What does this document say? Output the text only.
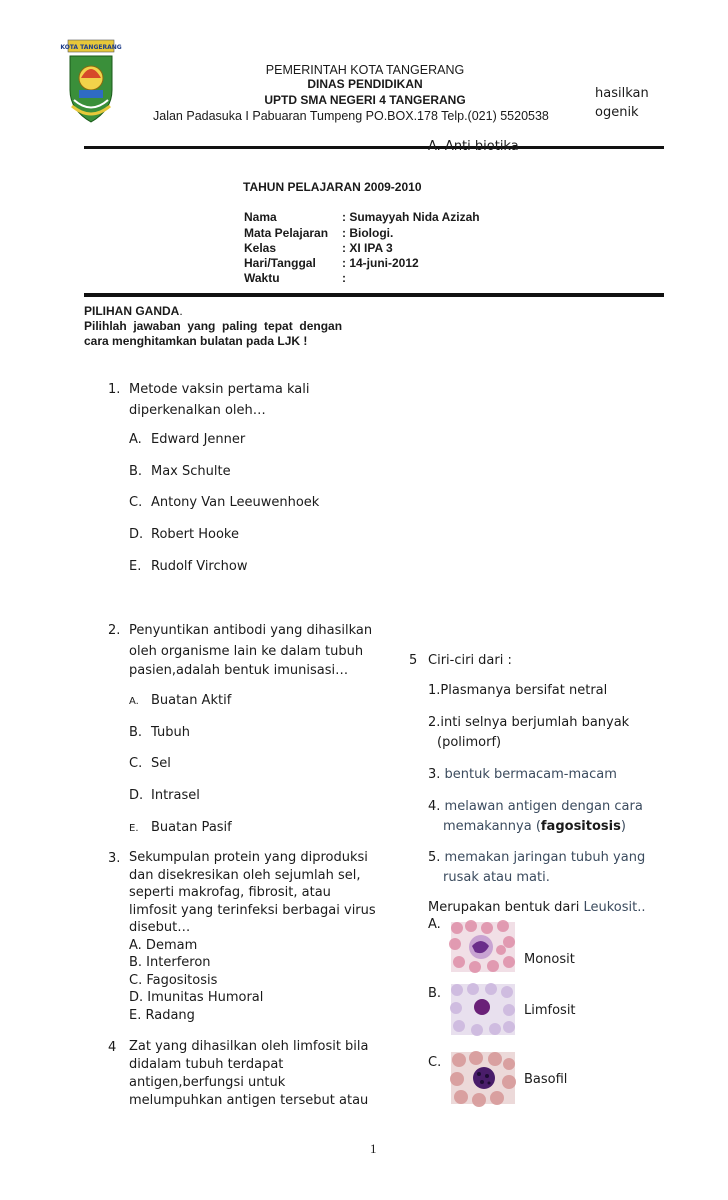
KOTA TANGERANG
PEMERINTAH KOTA TANGERANG
DINAS PENDIDIKAN
UPTD SMA NEGERI 4 TANGERANG
Jalan Padasuka I Pabuaran Tumpeng PO.BOX.178 Telp.(021) 5520538
hasilkan
ogenik
A. Anti biotika
TAHUN PELAJARAN 2009-2010
Nama	: Sumayyah Nida Azizah
Mata Pelajaran : Biologi.
Kelas	: XI IPA 3
Hari/Tanggal : 14-juni-2012
Waktu	:
PILIHAN GANDA.
Pilihlah  jawaban  yang  paling  tepat  dengan
cara menghitamkan bulatan pada LJK !
1. Metode vaksin pertama kali
diperkenalkan oleh…
A. Edward Jenner
B. Max Schulte
C. Antony Van Leeuwenhoek
D. Robert Hooke
E. Rudolf Virchow
2. Penyuntikan antibodi yang dihasilkan
oleh organisme lain ke dalam tubuh
pasien,adalah bentuk imunisasi…
A. Buatan Aktif
B. Tubuh
C. Sel
D. Intrasel
E. Buatan Pasif
3. Sekumpulan protein yang diproduksi
dan disekresikan oleh sejumlah sel,
seperti makrofag, fibrosit, atau
limfosit yang terinfeksi berbagai virus
disebut…
A. Demam
B. Interferon
C. Fagositosis
D. Imunitas Humoral
E. Radang
4 Zat yang dihasilkan oleh limfosit bila
didalam tubuh terdapat
antigen,berfungsi untuk
melumpuhkan antigen tersebut atau
5 Ciri-ciri dari :
1.Plasmanya bersifat netral
2.inti selnya berjumlah banyak
(polimorf)
3. bentuk bermacam-macam
4. melawan antigen dengan cara
memakannya (fagositosis)
5. memakan jaringan tubuh yang
rusak atau mati.
Merupakan bentuk dari Leukosit..
A.
Monosit
B.
Limfosit
C.
Basofil
1
